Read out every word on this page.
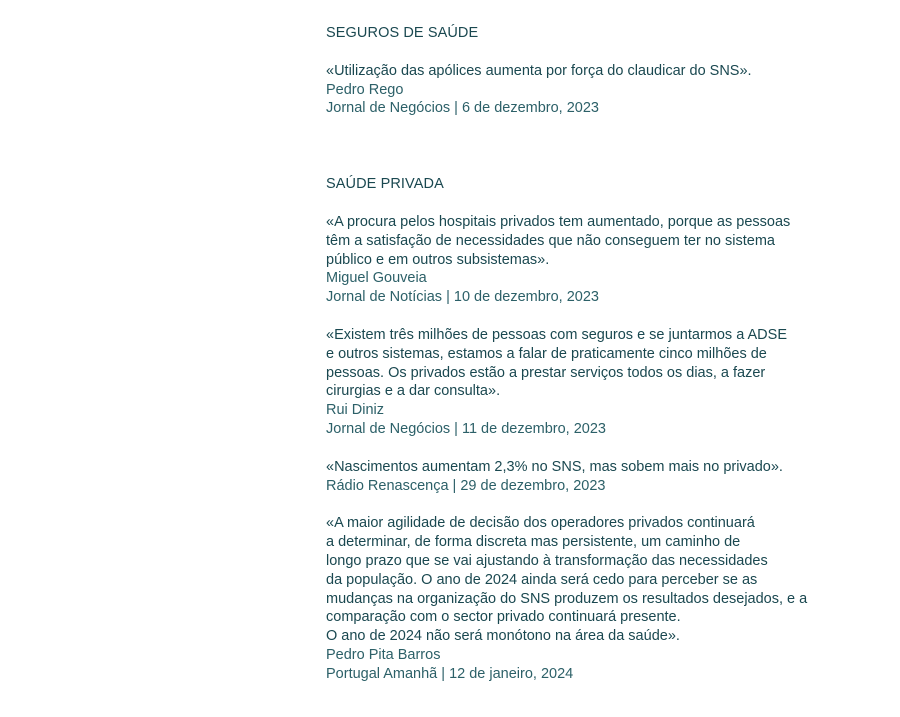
SEGUROS DE SAÚDE
«Utilização das apólices aumenta por força do claudicar do SNS».
Pedro Rego
Jornal de Negócios | 6 de dezembro, 2023
SAÚDE PRIVADA
«A procura pelos hospitais privados tem aumentado, porque as pessoas
têm a satisfação de necessidades que não conseguem ter no sistema
público e em outros subsistemas».
Miguel Gouveia
Jornal de Notícias | 10 de dezembro, 2023
«Existem três milhões de pessoas com seguros e se juntarmos a ADSE
e outros sistemas, estamos a falar de praticamente cinco milhões de
pessoas. Os privados estão a prestar serviços todos os dias, a fazer
cirurgias e a dar consulta».
Rui Diniz
Jornal de Negócios | 11 de dezembro, 2023
«Nascimentos aumentam 2,3% no SNS, mas sobem mais no privado».
Rádio Renascença | 29 de dezembro, 2023
«A maior agilidade de decisão dos operadores privados continuará
a determinar, de forma discreta mas persistente, um caminho de
longo prazo que se vai ajustando à transformação das necessidades
da população. O ano de 2024 ainda será cedo para perceber se as
mudanças na organização do SNS produzem os resultados desejados, e a
comparação com o sector privado continuará presente.
O ano de 2024 não será monótono na área da saúde».
Pedro Pita Barros
Portugal Amanhã | 12 de janeiro, 2024
